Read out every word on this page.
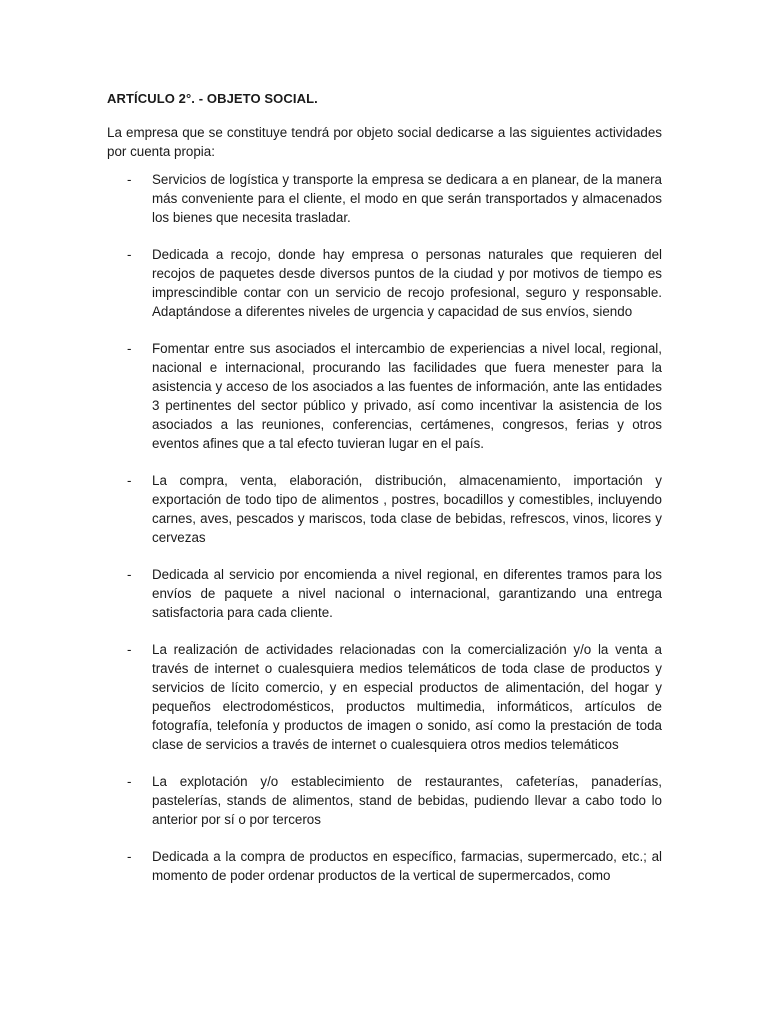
ARTÍCULO 2°. - OBJETO SOCIAL.
La empresa que se constituye tendrá por objeto social dedicarse a las siguientes actividades por cuenta propia:
- Servicios de logística y transporte la empresa se dedicara a en planear, de la manera más conveniente para el cliente, el modo en que serán transportados y almacenados los bienes que necesita trasladar.
- Dedicada a recojo, donde hay empresa o personas naturales que requieren del recojos de paquetes desde diversos puntos de la ciudad y por motivos de tiempo es imprescindible contar con un servicio de recojo profesional, seguro y responsable. Adaptándose a diferentes niveles de urgencia y capacidad de sus envíos, siendo
- Fomentar entre sus asociados el intercambio de experiencias a nivel local, regional, nacional e internacional, procurando las facilidades que fuera menester para la asistencia y acceso de los asociados a las fuentes de información, ante las entidades 3 pertinentes del sector público y privado, así como incentivar la asistencia de los asociados a las reuniones, conferencias, certámenes, congresos, ferias y otros eventos afines que a tal efecto tuvieran lugar en el país.
- La compra, venta, elaboración, distribución, almacenamiento, importación y exportación de todo tipo de alimentos , postres, bocadillos y comestibles, incluyendo carnes, aves, pescados y mariscos, toda clase de bebidas, refrescos, vinos, licores y cervezas
- Dedicada al servicio por encomienda a nivel regional, en diferentes tramos para los envíos de paquete a nivel nacional o internacional, garantizando una entrega satisfactoria para cada cliente.
- La realización de actividades relacionadas con la comercialización y/o la venta a través de internet o cualesquiera medios telemáticos de toda clase de productos y servicios de lícito comercio, y en especial productos de alimentación, del hogar y pequeños electrodomésticos, productos multimedia, informáticos, artículos de fotografía, telefonía y productos de imagen o sonido, así como la prestación de toda clase de servicios a través de internet o cualesquiera otros medios telemáticos
- La explotación y/o establecimiento de restaurantes, cafeterías, panaderías, pastelerías, stands de alimentos, stand de bebidas, pudiendo llevar a cabo todo lo anterior por sí o por terceros
- Dedicada a la compra de productos en específico, farmacias, supermercado, etc.; al momento de poder ordenar productos de la vertical de supermercados, como
